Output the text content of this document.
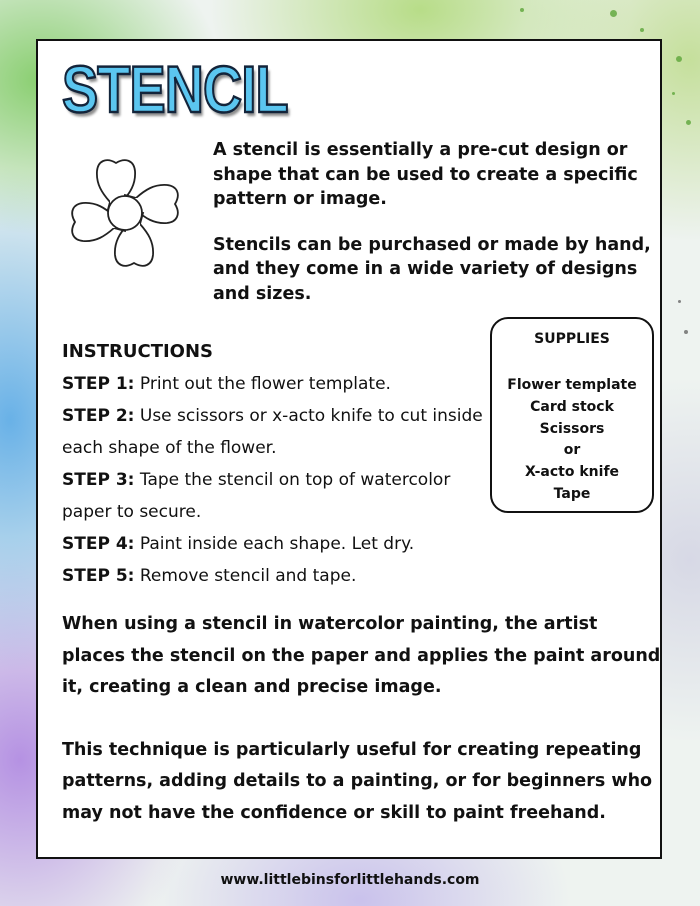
STENCIL

A stencil is essentially a pre-cut design or shape that can be used to create a specific pattern or image.

Stencils can be purchased or made by hand, and they come in a wide variety of designs and sizes.

INSTRUCTIONS
STEP 1: Print out the flower template.
STEP 2: Use scissors or x-acto knife to cut inside each shape of the flower.
STEP 3: Tape the stencil on top of watercolor paper to secure.
STEP 4: Paint inside each shape. Let dry.
STEP 5: Remove stencil and tape.
SUPPLIES
Flower template
Card stock
Scissors
or
X-acto knife
Tape

When using a stencil in watercolor painting, the artist places the stencil on the paper and applies the paint around it, creating a clean and precise image.

This technique is particularly useful for creating repeating patterns, adding details to a painting, or for beginners who may not have the confidence or skill to paint freehand.

www.littlebinsforlittlehands.com
